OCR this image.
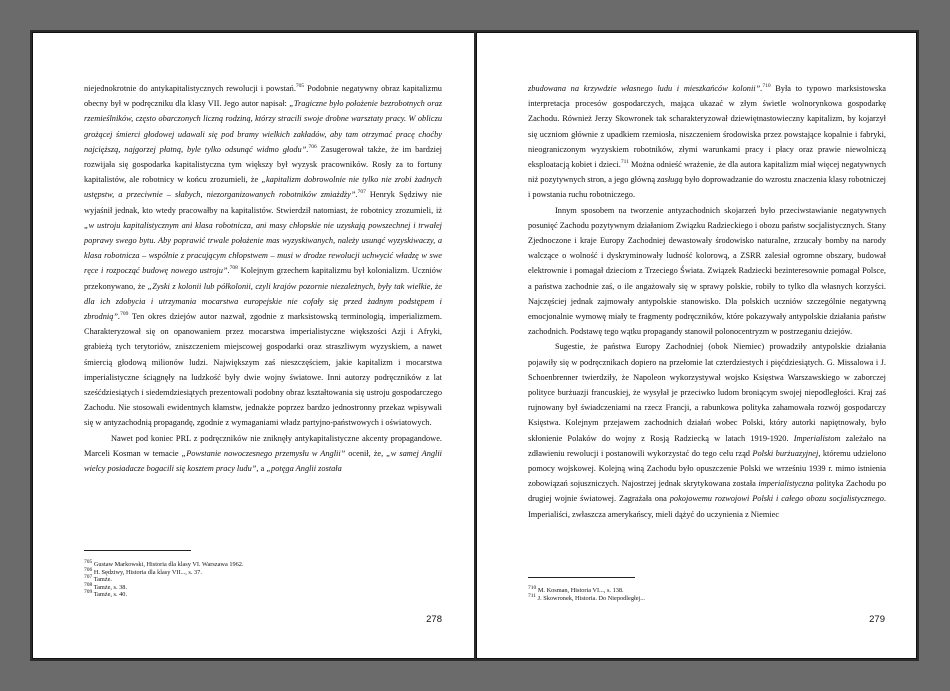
niejednokrotnie do antykapitalistycznych rewolucji i powstań.$^{705}$ Podobnie negatywny obraz kapitalizmu obecny był w podręczniku dla klasy VII. Jego autor napisał: „Tragiczne było położenie bezrobotnych oraz rzemieślników, często obarczonych liczną rodziną, którzy stracili swoje drobne warsztaty pracy. W obliczu grożącej śmierci głodowej udawali się pod bramy wielkich zakładów, aby tam otrzymać pracę choćby najcięższą, najgorzej płatną, byle tylko odsunąć widmo głodu”.$^{706}$ Zasugerował także, że im bardziej rozwijała się gospodarka kapitalistyczna tym większy był wyzysk pracowników. Rosły za to fortuny kapitalistów, ale robotnicy w końcu zrozumieli, że „kapitalizm dobrowolnie nie tylko nie zrobi żadnych ustępstw, a przeciwnie – słabych, niezorganizowanych robotników zmiażdży”.$^{707}$ Henryk Sędziwy nie wyjaśnił jednak, kto wtedy pracowałby na kapitalistów. Stwierdził natomiast, że robotnicy zrozumieli, iż „w ustroju kapitalistycznym ani klasa robotnicza, ani masy chłopskie nie uzyskają powszechnej i trwałej poprawy swego bytu. Aby poprawić trwale położenie mas wyzyskiwanych, należy usunąć wyzyskiwaczy, a klasa robotnicza – wspólnie z pracującym chłopstwem – musi w drodze rewolucji uchwycić władzę w swe ręce i rozpocząć budowę nowego ustroju”.$^{708}$ Kolejnym grzechem kapitalizmu był kolonializm. Uczniów przekonywano, że „Zyski z kolonii lub półkolonii, czyli krajów pozornie niezależnych, były tak wielkie, że dla ich zdobycia i utrzymania mocarstwa europejskie nie cofały się przed żadnym podstępem i zbrodnią”.$^{709}$ Ten okres dziejów autor nazwał, zgodnie z marksistowską terminologią, imperializmem. Charakteryzował się on opanowaniem przez mocarstwa imperialistyczne większości Azji i Afryki, grabieżą tych terytoriów, zniszczeniem miejscowej gospodarki oraz straszliwym wyzyskiem, a nawet śmiercią głodową milionów ludzi. Największym zaś nieszczęściem, jakie kapitalizm i mocarstwa imperialistyczne ściągnęły na ludzkość były dwie wojny światowe. Inni autorzy podręczników z lat sześćdziesiątych i siedemdziesiątych prezentowali podobny obraz kształtowania się ustroju gospodarczego Zachodu. Nie stosowali ewidentnych kłamstw, jednakże poprzez bardzo jednostronny przekaz wpisywali się w antyzachodnią propagandę, zgodnie z wymaganiami władz partyjno-państwowych i oświatowych.

Nawet pod koniec PRL z podręczników nie zniknęły antykapitalistyczne akcenty propagandowe. Marceli Kosman w temacie „Powstanie nowoczesnego przemysłu w Anglii” ocenił, że, „w samej Anglii wielcy posiadacze bogacili się kosztem pracy ludu”, a „potęga Anglii została

$^{705}$ Gustaw Markowski, Historia dla klasy VI. Warszawa 1962.
$^{706}$ H. Sędziwy, Historia dla klasy VII..., s. 37.
$^{707}$ Tamże.
$^{708}$ Tamże, s. 38.
$^{709}$ Tamże, s. 40.
278

zbudowana na krzywdzie własnego ludu i mieszkańców kolonii”.$^{710}$ Była to typowo marksistowska interpretacja procesów gospodarczych, mająca ukazać w złym świetle wolnorynkowa gospodarkę Zachodu. Również Jerzy Skowronek tak scharakteryzował dziewiętnastowieczny kapitalizm, by kojarzył się uczniom głównie z upadkiem rzemiosła, niszczeniem środowiska przez powstające kopalnie i fabryki, nieograniczonym wyzyskiem robotników, złymi warunkami pracy i płacy oraz prawie niewolniczą eksploatacją kobiet i dzieci.$^{711}$ Można odnieść wrażenie, że dla autora kapitalizm miał więcej negatywnych niż pozytywnych stron, a jego główną zasługą było doprowadzanie do wzrostu znaczenia klasy robotniczej i powstania ruchu robotniczego.

Innym sposobem na tworzenie antyzachodnich skojarzeń było przeciwstawianie negatywnych posunięć Zachodu pozytywnym działaniom Związku Radzieckiego i obozu państw socjalistycznych. Stany Zjednoczone i kraje Europy Zachodniej dewastowały środowisko naturalne, zrzucały bomby na narody walczące o wolność i dyskryminowały ludność kolorową, a ZSRR zalesiał ogromne obszary, budował elektrownie i pomagał dzieciom z Trzeciego Świata. Związek Radziecki bezinteresownie pomagał Polsce, a państwa zachodnie zaś, o ile angażowały się w sprawy polskie, robiły to tylko dla własnych korzyści. Najczęściej jednak zajmowały antypolskie stanowisko. Dla polskich uczniów szczególnie negatywną emocjonalnie wymowę miały te fragmenty podręczników, które pokazywały antypolskie działania państw zachodnich. Podstawę tego wątku propagandy stanowił polonocentryzm w postrzeganiu dziejów.

Sugestie, że państwa Europy Zachodniej (obok Niemiec) prowadziły antypolskie działania pojawiły się w podręcznikach dopiero na przełomie lat czterdziestych i pięćdziesiątych. G. Missalowa i J. Schoenbrenner twierdziły, że Napoleon wykorzystywał wojsko Księstwa Warszawskiego w zaborczej polityce burżuazji francuskiej, że wysyłał je przeciwko ludom broniącym swojej niepodległości. Kraj zaś rujnowany był świadczeniami na rzecz Francji, a rabunkowa polityka zahamowała rozwój gospodarczy Księstwa. Kolejnym przejawem zachodnich działań wobec Polski, który autorki napiętnowały, było skłonienie Polaków do wojny z Rosją Radziecką w latach 1919-1920. Imperialistom zależało na zdławieniu rewolucji i postanowili wykorzystać do tego celu rząd Polski burżuazyjnej, któremu udzielono pomocy wojskowej. Kolejną winą Zachodu było opuszczenie Polski we wrześniu 1939 r. mimo istnienia zobowiązań sojuszniczych. Najostrzej jednak skrytykowana została imperialistyczna polityka Zachodu po drugiej wojnie światowej. Zagrażała ona pokojowemu rozwojowi Polski i całego obozu socjalistycznego. Imperialiści, zwłaszcza amerykańscy, mieli dążyć do uczynienia z Niemiec

$^{710}$ M. Kosman, Historia VI..., s. 138.
$^{711}$ J. Skowronek, Historia. Do Niepodległej...
279
